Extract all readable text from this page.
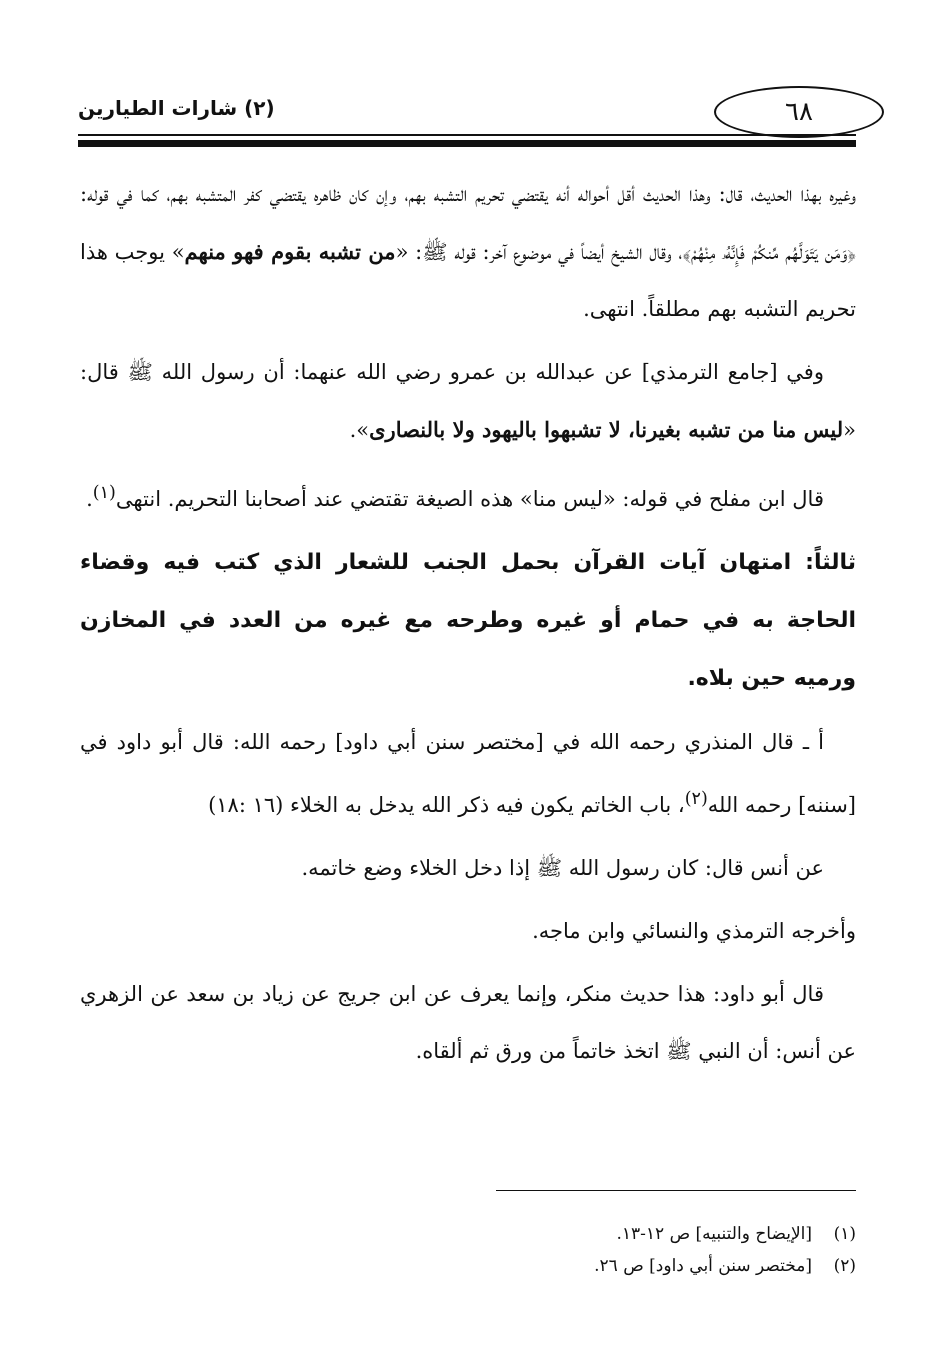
٦٨
(٢) شارات الطيارين

وغيره بهذا الحديث، قال: وهذا الحديث أقل أحواله أنه يقتضي تحريم التشبه بهم، وإن كان ظاهره يقتضي كفر المتشبه بهم، كما في قوله: ﴿وَمَن يَتَوَلَّهُم مِّنكُمْ فَإِنَّهُۥ مِنْهُمْ﴾، وقال الشيخ أيضاً في موضوع آخر: قوله ﷺ: «من تشبه بقوم فهو منهم» يوجب هذا تحريم التشبه بهم مطلقاً. انتهى.

وفي [جامع الترمذي] عن عبدالله بن عمرو رضي الله عنهما: أن رسول الله ﷺ قال: «ليس منا من تشبه بغيرنا، لا تشبهوا باليهود ولا بالنصارى».

قال ابن مفلح في قوله: «ليس منا» هذه الصيغة تقتضي عند أصحابنا التحريم. انتهى$^{(١)}$.

ثالثاً: امتهان آيات القرآن بحمل الجنب للشعار الذي كتب فيه وقضاء الحاجة به في حمام أو غيره وطرحه مع غيره من العدد في المخازن ورميه حين بلاه.

أ ـ قال المنذري رحمه الله في [مختصر سنن أبي داود] رحمه الله: قال أبو داود في [سننه] رحمه الله$^{(٢)}$، باب الخاتم يكون فيه ذكر الله يدخل به الخلاء (١٦ :١٨)

عن أنس قال: كان رسول الله ﷺ إذا دخل الخلاء وضع خاتمه.

وأخرجه الترمذي والنسائي وابن ماجه.

قال أبو داود: هذا حديث منكر، وإنما يعرف عن ابن جريج عن زياد بن سعد عن الزهري عن أنس: أن النبي ﷺ اتخذ خاتماً من ورق ثم ألقاه.

(١)[الإيضاح والتنبيه] ص ١٢-١٣.

(٢)[مختصر سنن أبي داود] ص ٢٦.
